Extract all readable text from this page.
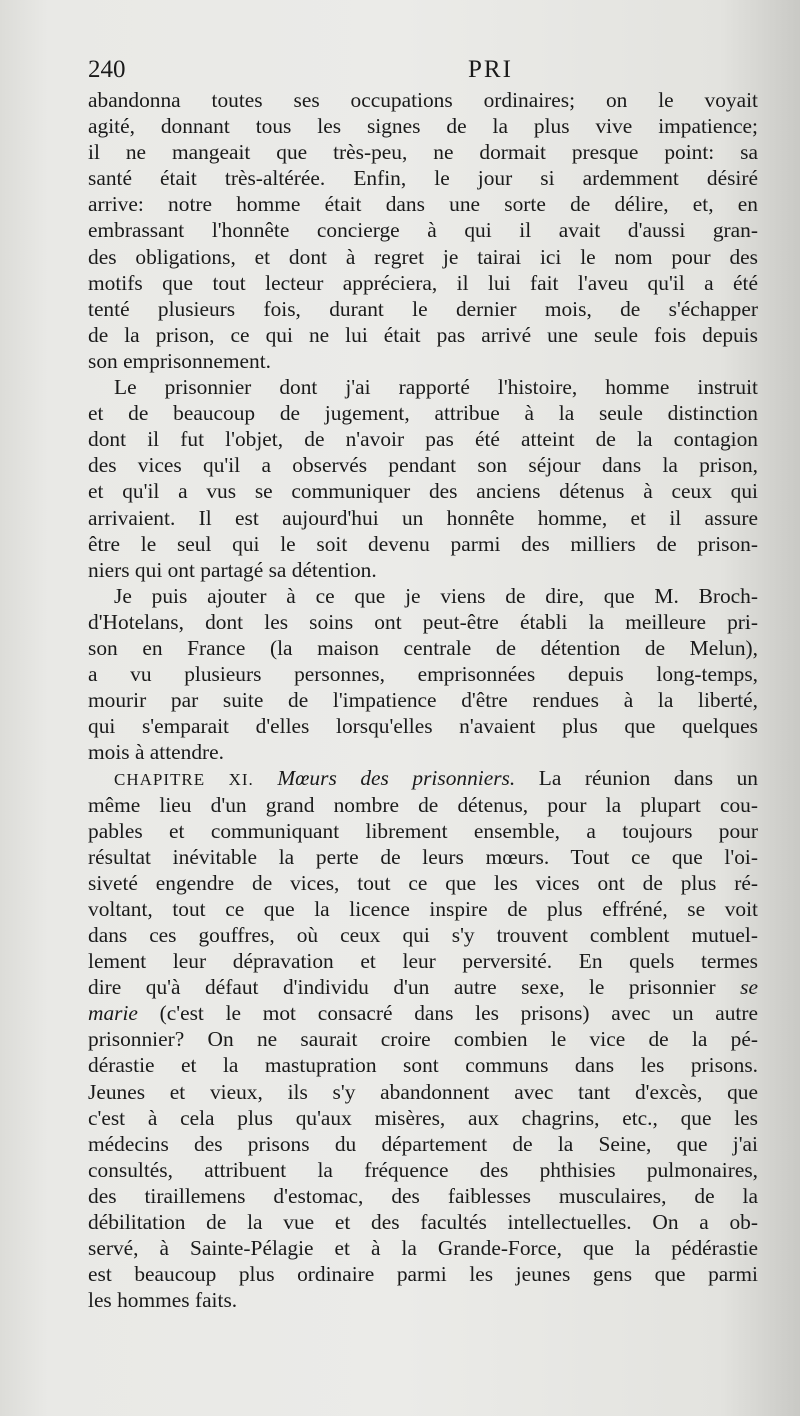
240	PRI
abandonna toutes ses occupations ordinaires; on le voyait
agité, donnant tous les signes de la plus vive impatience;
il ne mangeait que très-peu, ne dormait presque point: sa
santé était très-altérée. Enfin, le jour si ardemment désiré
arrive: notre homme était dans une sorte de délire, et, en
embrassant l'honnête concierge à qui il avait d'aussi gran-
des obligations, et dont à regret je tairai ici le nom pour des
motifs que tout lecteur appréciera, il lui fait l'aveu qu'il a été
tenté plusieurs fois, durant le dernier mois, de s'échapper
de la prison, ce qui ne lui était pas arrivé une seule fois depuis
son emprisonnement.
Le prisonnier dont j'ai rapporté l'histoire, homme instruit
et de beaucoup de jugement, attribue à la seule distinction
dont il fut l'objet, de n'avoir pas été atteint de la contagion
des vices qu'il a observés pendant son séjour dans la prison,
et qu'il a vus se communiquer des anciens détenus à ceux qui
arrivaient. Il est aujourd'hui un honnête homme, et il assure
être le seul qui le soit devenu parmi des milliers de prison-
niers qui ont partagé sa détention.
Je puis ajouter à ce que je viens de dire, que M. Broch-
d'Hotelans, dont les soins ont peut-être établi la meilleure pri-
son en France (la maison centrale de détention de Melun),
a vu plusieurs personnes, emprisonnées depuis long-temps,
mourir par suite de l'impatience d'être rendues à la liberté,
qui s'emparait d'elles lorsqu'elles n'avaient plus que quelques
mois à attendre.
CHAPITRE XI. Mœurs des prisonniers. La réunion dans un
même lieu d'un grand nombre de détenus, pour la plupart cou-
pables et communiquant librement ensemble, a toujours pour
résultat inévitable la perte de leurs mœurs. Tout ce que l'oi-
siveté engendre de vices, tout ce que les vices ont de plus ré-
voltant, tout ce que la licence inspire de plus effréné, se voit
dans ces gouffres, où ceux qui s'y trouvent comblent mutuel-
lement leur dépravation et leur perversité. En quels termes
dire qu'à défaut d'individu d'un autre sexe, le prisonnier se
marie (c'est le mot consacré dans les prisons) avec un autre
prisonnier? On ne saurait croire combien le vice de la pé-
dérastie et la mastupration sont communs dans les prisons.
Jeunes et vieux, ils s'y abandonnent avec tant d'excès, que
c'est à cela plus qu'aux misères, aux chagrins, etc., que les
médecins des prisons du département de la Seine, que j'ai
consultés, attribuent la fréquence des phthisies pulmonaires,
des tiraillemens d'estomac, des faiblesses musculaires, de la
débilitation de la vue et des facultés intellectuelles. On a ob-
servé, à Sainte-Pélagie et à la Grande-Force, que la pédérastie
est beaucoup plus ordinaire parmi les jeunes gens que parmi
les hommes faits.
